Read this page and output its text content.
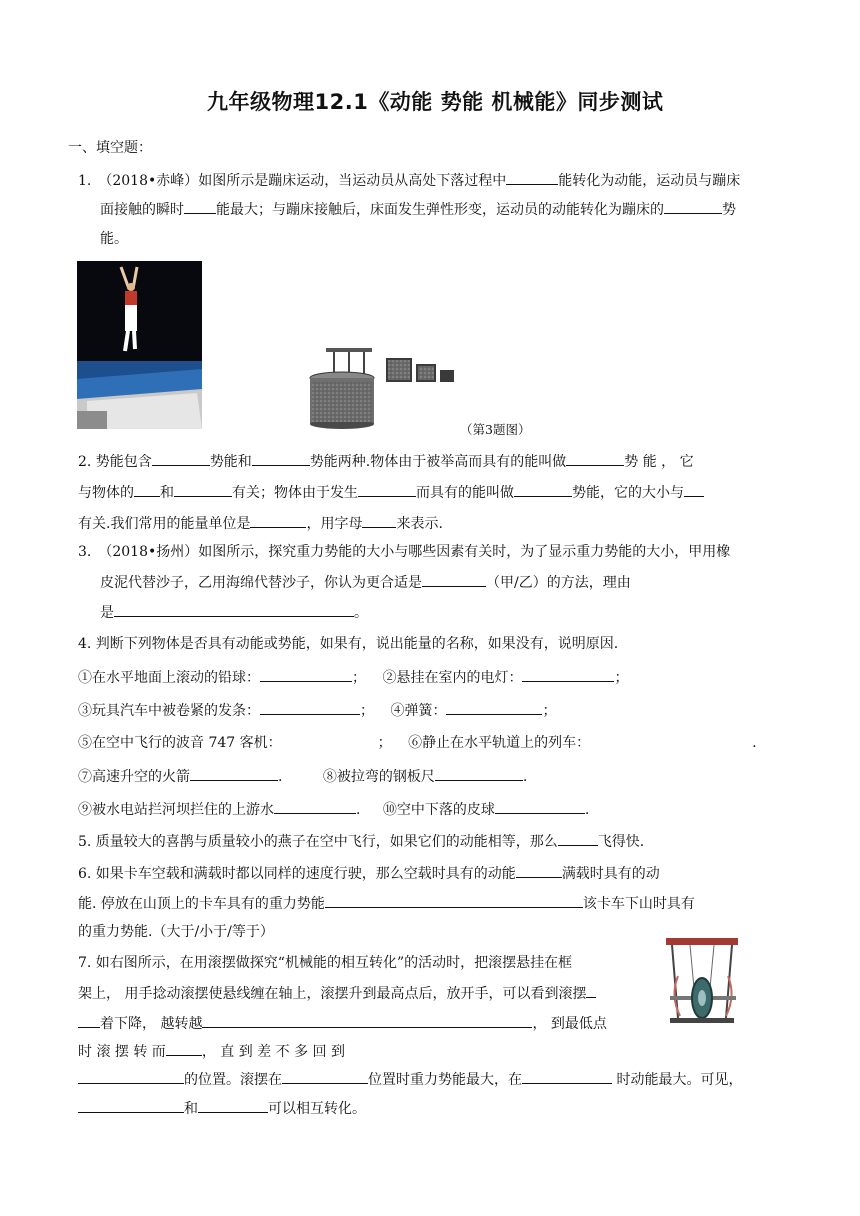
九年级物理12.1《动能 势能 机械能》同步测试
一、填空题：
1.　（2018•赤峰）如图所示是蹦床运动，当运动员从高处下落过程中	能转化为动能，运动员与蹦床
面接触的瞬时 能最大；与蹦床接触后，床面发生弹性形变，运动员的动能转化为蹦床的	势
能。
（第3题图）
2. 势能包含	势能和	势能两种.物体由于被举高而具有的能叫做	势 能 ， 它
与物体的 和	有关；物体由于发生	而具有的能叫做	势能，它的大小与
有关.我们常用的能量单位是	，用字母 来表示.
3.　（2018•扬州）如图所示，探究重力势能的大小与哪些因素有关时，为了显示重力势能的大小，甲用橡
皮泥代替沙子，乙用海绵代替沙子，你认为更合适是	（甲/乙）的方法，理由
是	。
4. 判断下列物体是否具有动能或势能，如果有，说出能量的名称，如果没有，说明原因.
①在水平地面上滚动的铅球：	； ②悬挂在室内的电灯：	；
③玩具汽车中被卷紧的发条：	； ④弹簧：	；
⑤在空中飞行的波音 747 客机：	； ⑥静止在水平轨道上的列车：	.
⑦高速升空的火箭	.	⑧被拉弯的钢板尺	.
⑨被水电站拦河坝拦住的上游水	. ⑩空中下落的皮球	.
5. 质量较大的喜鹊与质量较小的燕子在空中飞行，如果它们的动能相等，那么	飞得快.
6. 如果卡车空载和满载时都以同样的速度行驶，那么空载时具有的动能	满载时具有的动
能. 停放在山顶上的卡车具有的重力势能	该卡车下山时具有
的重力势能.（大于/小于/等于）
7. 如右图所示，在用滚摆做探究“机械能的相互转化”的活动时，把滚摆悬挂在框
架上， 用手捻动滚摆使悬线缠在轴上，滚摆升到最高点后，放开手，可以看到滚摆
着下降， 越转越	， 到最低点
时 滚 摆 转 而	， 直 到 差 不 多 回 到
的位置。滚摆在	位置时重力势能最大，在	时动能最大。可见，
和	可以相互转化。
